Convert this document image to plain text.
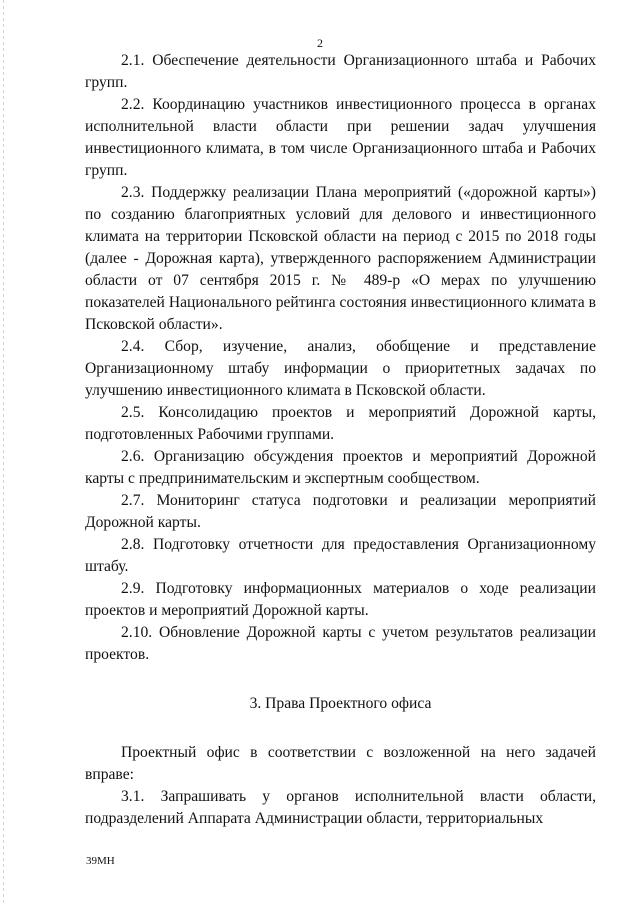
2

2.1. Обеспечение деятельности Организационного штаба и Рабочих групп.

2.2. Координацию участников инвестиционного процесса в органах исполнительной власти области при решении задач улучшения инвестиционного климата, в том числе Организационного штаба и Рабочих групп.

2.3. Поддержку реализации Плана мероприятий («дорожной карты») по созданию благоприятных условий для делового и инвестиционного климата на территории Псковской области на период с 2015 по 2018 годы (далее - Дорожная карта), утвержденного распоряжением Администрации области от 07 сентября 2015 г. № 489-р «О мерах по улучшению показателей Национального рейтинга состояния инвестиционного климата в Псковской области».

2.4. Сбор, изучение, анализ, обобщение и представление Организационному штабу информации о приоритетных задачах по улучшению инвестиционного климата в Псковской области.

2.5. Консолидацию проектов и мероприятий Дорожной карты, подготовленных Рабочими группами.

2.6. Организацию обсуждения проектов и мероприятий Дорожной карты с предпринимательским и экспертным сообществом.

2.7. Мониторинг статуса подготовки и реализации мероприятий Дорожной карты.

2.8. Подготовку отчетности для предоставления Организационному штабу.

2.9. Подготовку информационных материалов о ходе реализации проектов и мероприятий Дорожной карты.

2.10. Обновление Дорожной карты с учетом результатов реализации проектов.

3. Права Проектного офиса

Проектный офис в соответствии с возложенной на него задачей вправе:

3.1. Запрашивать у органов исполнительной власти области, подразделений Аппарата Администрации области, территориальных

39МН
